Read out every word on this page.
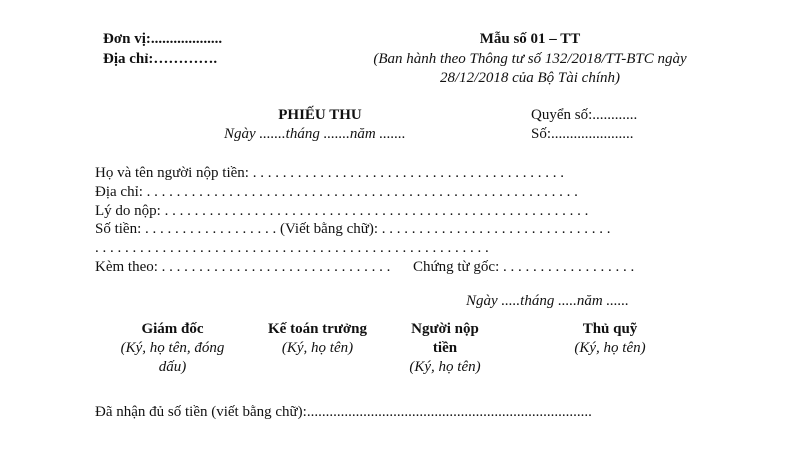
Đơn vị:...................
Địa chỉ:………….
Mẫu số 01 – TT
(Ban hành theo Thông tư số 132/2018/TT-BTC ngày
28/12/2018 của Bộ Tài chính)
PHIẾU THU
Ngày .......tháng .......năm .......
Quyển số:............
Số:......................
Họ và tên người nộp tiền: . . . . . . . . . . . . . . . . . . . . . . . . . . . . . . . . . . . . . . . . . .
Địa chỉ: . . . . . . . . . . . . . . . . . . . . . . . . . . . . . . . . . . . . . . . . . . . . . . . . . . . . . . . . . .
Lý do nộp: . . . . . . . . . . . . . . . . . . . . . . . . . . . . . . . . . . . . . . . . . . . . . . . . . . . . . . . . .
Số tiền: . . . . . . . . . . . . . . . . . . (Viết bằng chữ): . . . . . . . . . . . . . . . . . . . . . . . . . . . . . . .
. . . . . . . . . . . . . . . . . . . . . . . . . . . . . . . . . . . . . . . . . . . . . . . . . . . . .
Kèm theo: . . . . . . . . . . . . . . . . . . . . . . . . . . . . . . . Chứng từ gốc: . . . . . . . . . . . . . . . . . .
Ngày .....tháng .....năm ......
Giám đốc
(Ký, họ tên, đóng
dấu)
Kế toán trưởng
(Ký, họ tên)
Người nộp
tiền
(Ký, họ tên)
Thủ quỹ
(Ký, họ tên)
Đã nhận đủ số tiền (viết bằng chữ):............................................................................
